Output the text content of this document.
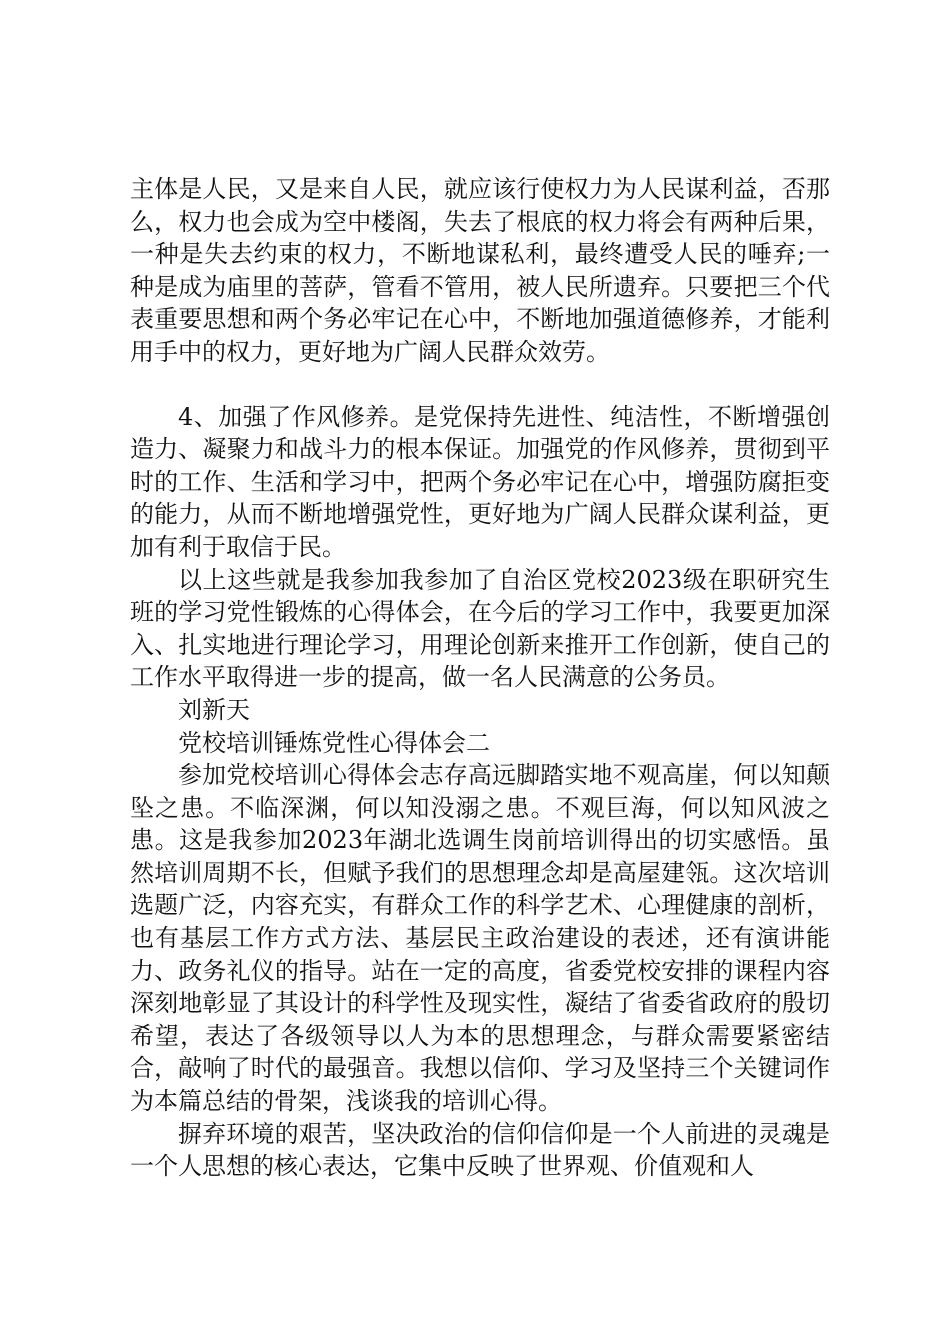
主体是人民，又是来自人民，就应该行使权力为人民谋利益，否那么，权力也会成为空中楼阁，失去了根底的权力将会有两种后果，一种是失去约束的权力，不断地谋私利，最终遭受人民的唾弃;一种是成为庙里的菩萨，管看不管用，被人民所遗弃。只要把三个代表重要思想和两个务必牢记在心中，不断地加强道德修养，才能利用手中的权力，更好地为广阔人民群众效劳。

4、加强了作风修养。是党保持先进性、纯洁性，不断增强创造力、凝聚力和战斗力的根本保证。加强党的作风修养，贯彻到平时的工作、生活和学习中，把两个务必牢记在心中，增强防腐拒变的能力，从而不断地增强党性，更好地为广阔人民群众谋利益，更加有利于取信于民。

以上这些就是我参加我参加了自治区党校2023级在职研究生班的学习党性锻炼的心得体会，在今后的学习工作中，我要更加深入、扎实地进行理论学习，用理论创新来推开工作创新，使自己的工作水平取得进一步的提高，做一名人民满意的公务员。

刘新天

党校培训锤炼党性心得体会二

参加党校培训心得体会志存高远脚踏实地不观高崖，何以知颠坠之患。不临深渊，何以知没溺之患。不观巨海，何以知风波之患。这是我参加2023年湖北选调生岗前培训得出的切实感悟。虽然培训周期不长，但赋予我们的思想理念却是高屋建瓴。这次培训选题广泛，内容充实，有群众工作的科学艺术、心理健康的剖析，也有基层工作方式方法、基层民主政治建设的表述，还有演讲能力、政务礼仪的指导。站在一定的高度，省委党校安排的课程内容深刻地彰显了其设计的科学性及现实性，凝结了省委省政府的殷切希望，表达了各级领导以人为本的思想理念，与群众需要紧密结合，敲响了时代的最强音。我想以信仰、学习及坚持三个关键词作为本篇总结的骨架，浅谈我的培训心得。

摒弃环境的艰苦，坚决政治的信仰信仰是一个人前进的灵魂是一个人思想的核心表达，它集中反映了世界观、价值观和人
